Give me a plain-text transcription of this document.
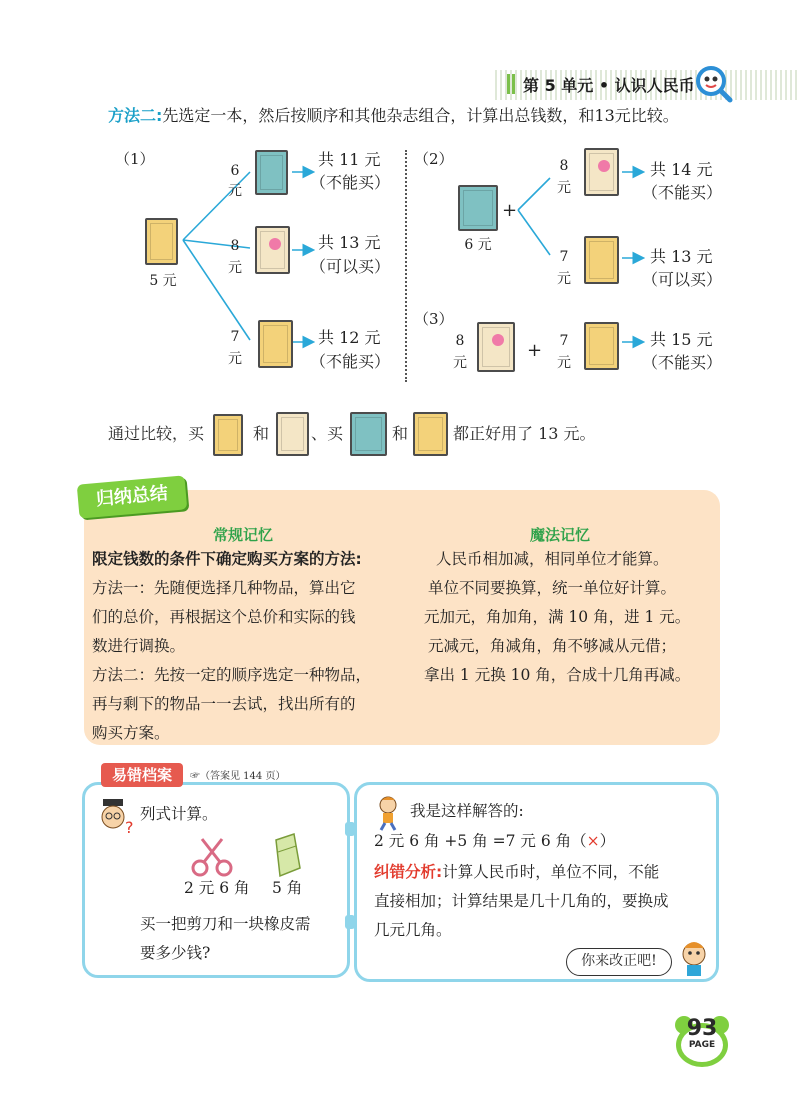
第 5 单元 • 认识人民币
方法二:先选定一本，然后按顺序和其他杂志组合，计算出总钱数，和13元比较。
（1）
5 元
6
元
共 11 元
（不能买）
8
元
共 13 元
（可以买）
7
元
共 12 元
（不能买）
（2）
6 元
+
8
元
共 14 元
（不能买）
7
元
共 13 元
（可以买）
（3）
8
元
+	7
元
共 15 元
（不能买）
通过比较，买	和	、买	和	都正好用了 13 元。
归纳总结
常规记忆	魔法记忆
限定钱数的条件下确定购买方案的方法:
方法一：先随便选择几种物品，算出它
们的总价，再根据这个总价和实际的钱
数进行调换。
方法二：先按一定的顺序选定一种物品，
再与剩下的物品一一去试，找出所有的
购买方案。
人民币相加减，相同单位才能算。
单位不同要换算，统一单位好计算。
元加元，角加角，满 10 角，进 1 元。
元减元，角减角，角不够减从元借；
拿出 1 元换 10 角，合成十几角再减。
易错档案	☞（答案见 144 页）
?
列式计算。
2 元 6 角 5 角
买一把剪刀和一块橡皮需
要多少钱?
我是这样解答的:
2 元 6 角 +5 角 =7 元 6 角（×）
纠错分析:计算人民币时，单位不同，不能
直接相加；计算结果是几十几角的，要换成
几元几角。
你来改正吧!
93
PAGE
